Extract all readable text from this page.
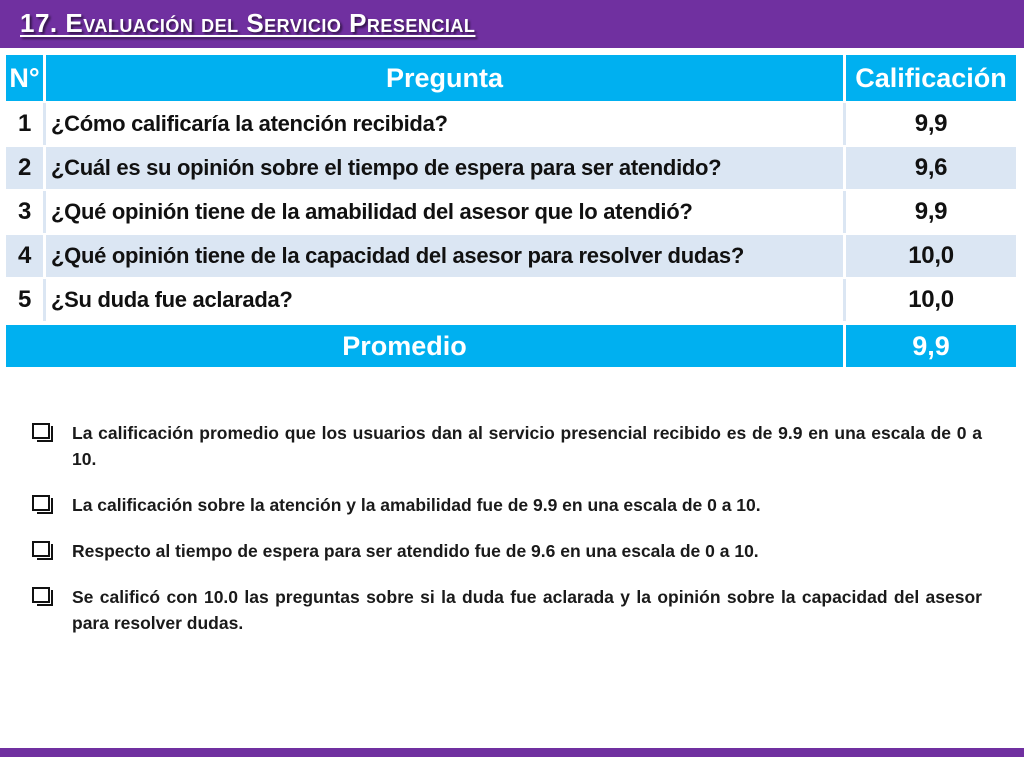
17. Evaluación del Servicio Presencial
N°	Pregunta	Calificación
1 ¿Cómo calificaría la atención recibida?	9,9
2 ¿Cuál es su opinión sobre el tiempo de espera para ser atendido?	9,6
3 ¿Qué opinión tiene de la amabilidad del asesor que lo atendió?	9,9
4 ¿Qué opinión tiene de la capacidad del asesor para resolver dudas?	10,0
5 ¿Su duda fue aclarada?	10,0
Promedio	9,9
La calificación promedio que los usuarios dan al servicio presencial recibido es de 9.9 en una escala de 0 a 10.
La calificación sobre la atención y la amabilidad fue de 9.9 en una escala de 0 a 10.
Respecto al tiempo de espera para ser atendido fue de 9.6 en una escala de 0 a 10.
Se calificó con 10.0 las preguntas sobre si la duda fue aclarada y la opinión sobre la capacidad del asesor para resolver dudas.
